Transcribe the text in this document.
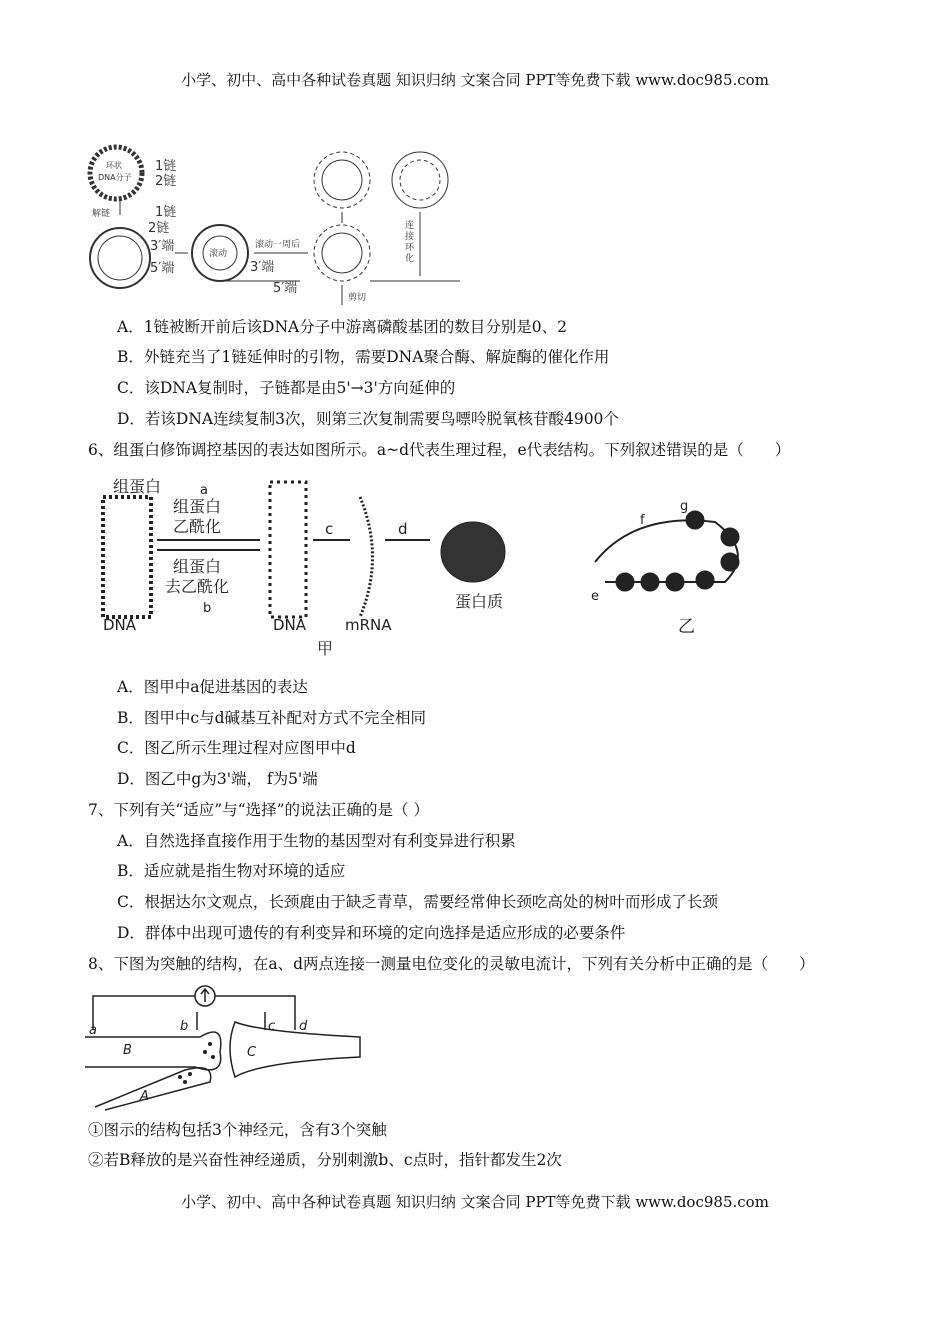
小学、初中、高中各种试卷真题 知识归纳 文案合同 PPT等免费下载 www.doc985.com
环状
DNA分子
1链
2链
解链	1链
2链
3′端
5′端
滚动
滚动一周后
3′端
5′端
剪切
连
接
环
化
A．1链被断开前后该DNA分子中游离磷酸基团的数目分别是0、2
B．外链充当了1链延伸时的引物，需要DNA聚合酶、解旋酶的催化作用
C．该DNA复制时，子链都是由5'→3'方向延伸的
D．若该DNA连续复制3次，则第三次复制需要鸟嘌呤脱氧核苷酸4900个
6、组蛋白修饰调控基因的表达如图所示。a~d代表生理过程，e代表结构。下列叙述错误的是（　　）
组蛋白	a
组蛋白
乙酰化
组蛋白
去乙酰化
b
DNA	DNA
甲
c
mRNA
d
蛋白质
f
g
e
乙
A．图甲中a促进基因的表达
B．图甲中c与d碱基互补配对方式不完全相同
C．图乙所示生理过程对应图甲中d
D．图乙中g为3'端， f为5'端
7、下列有关“适应”与“选择”的说法正确的是（ ）
A．自然选择直接作用于生物的基因型对有利变异进行积累
B．适应就是指生物对环境的适应
C．根据达尔文观点，长颈鹿由于缺乏青草，需要经常伸长颈吃高处的树叶而形成了长颈
D．群体中出现可遗传的有利变异和环境的定向选择是适应形成的必要条件
8、下图为突触的结构，在a、d两点连接一测量电位变化的灵敏电流计，下列有关分析中正确的是（　　）
a	b	c d
B	C
A
①图示的结构包括3个神经元，含有3个突触
②若B释放的是兴奋性神经递质，分别刺激b、c点时，指针都发生2次
小学、初中、高中各种试卷真题 知识归纳 文案合同 PPT等免费下载 www.doc985.com
